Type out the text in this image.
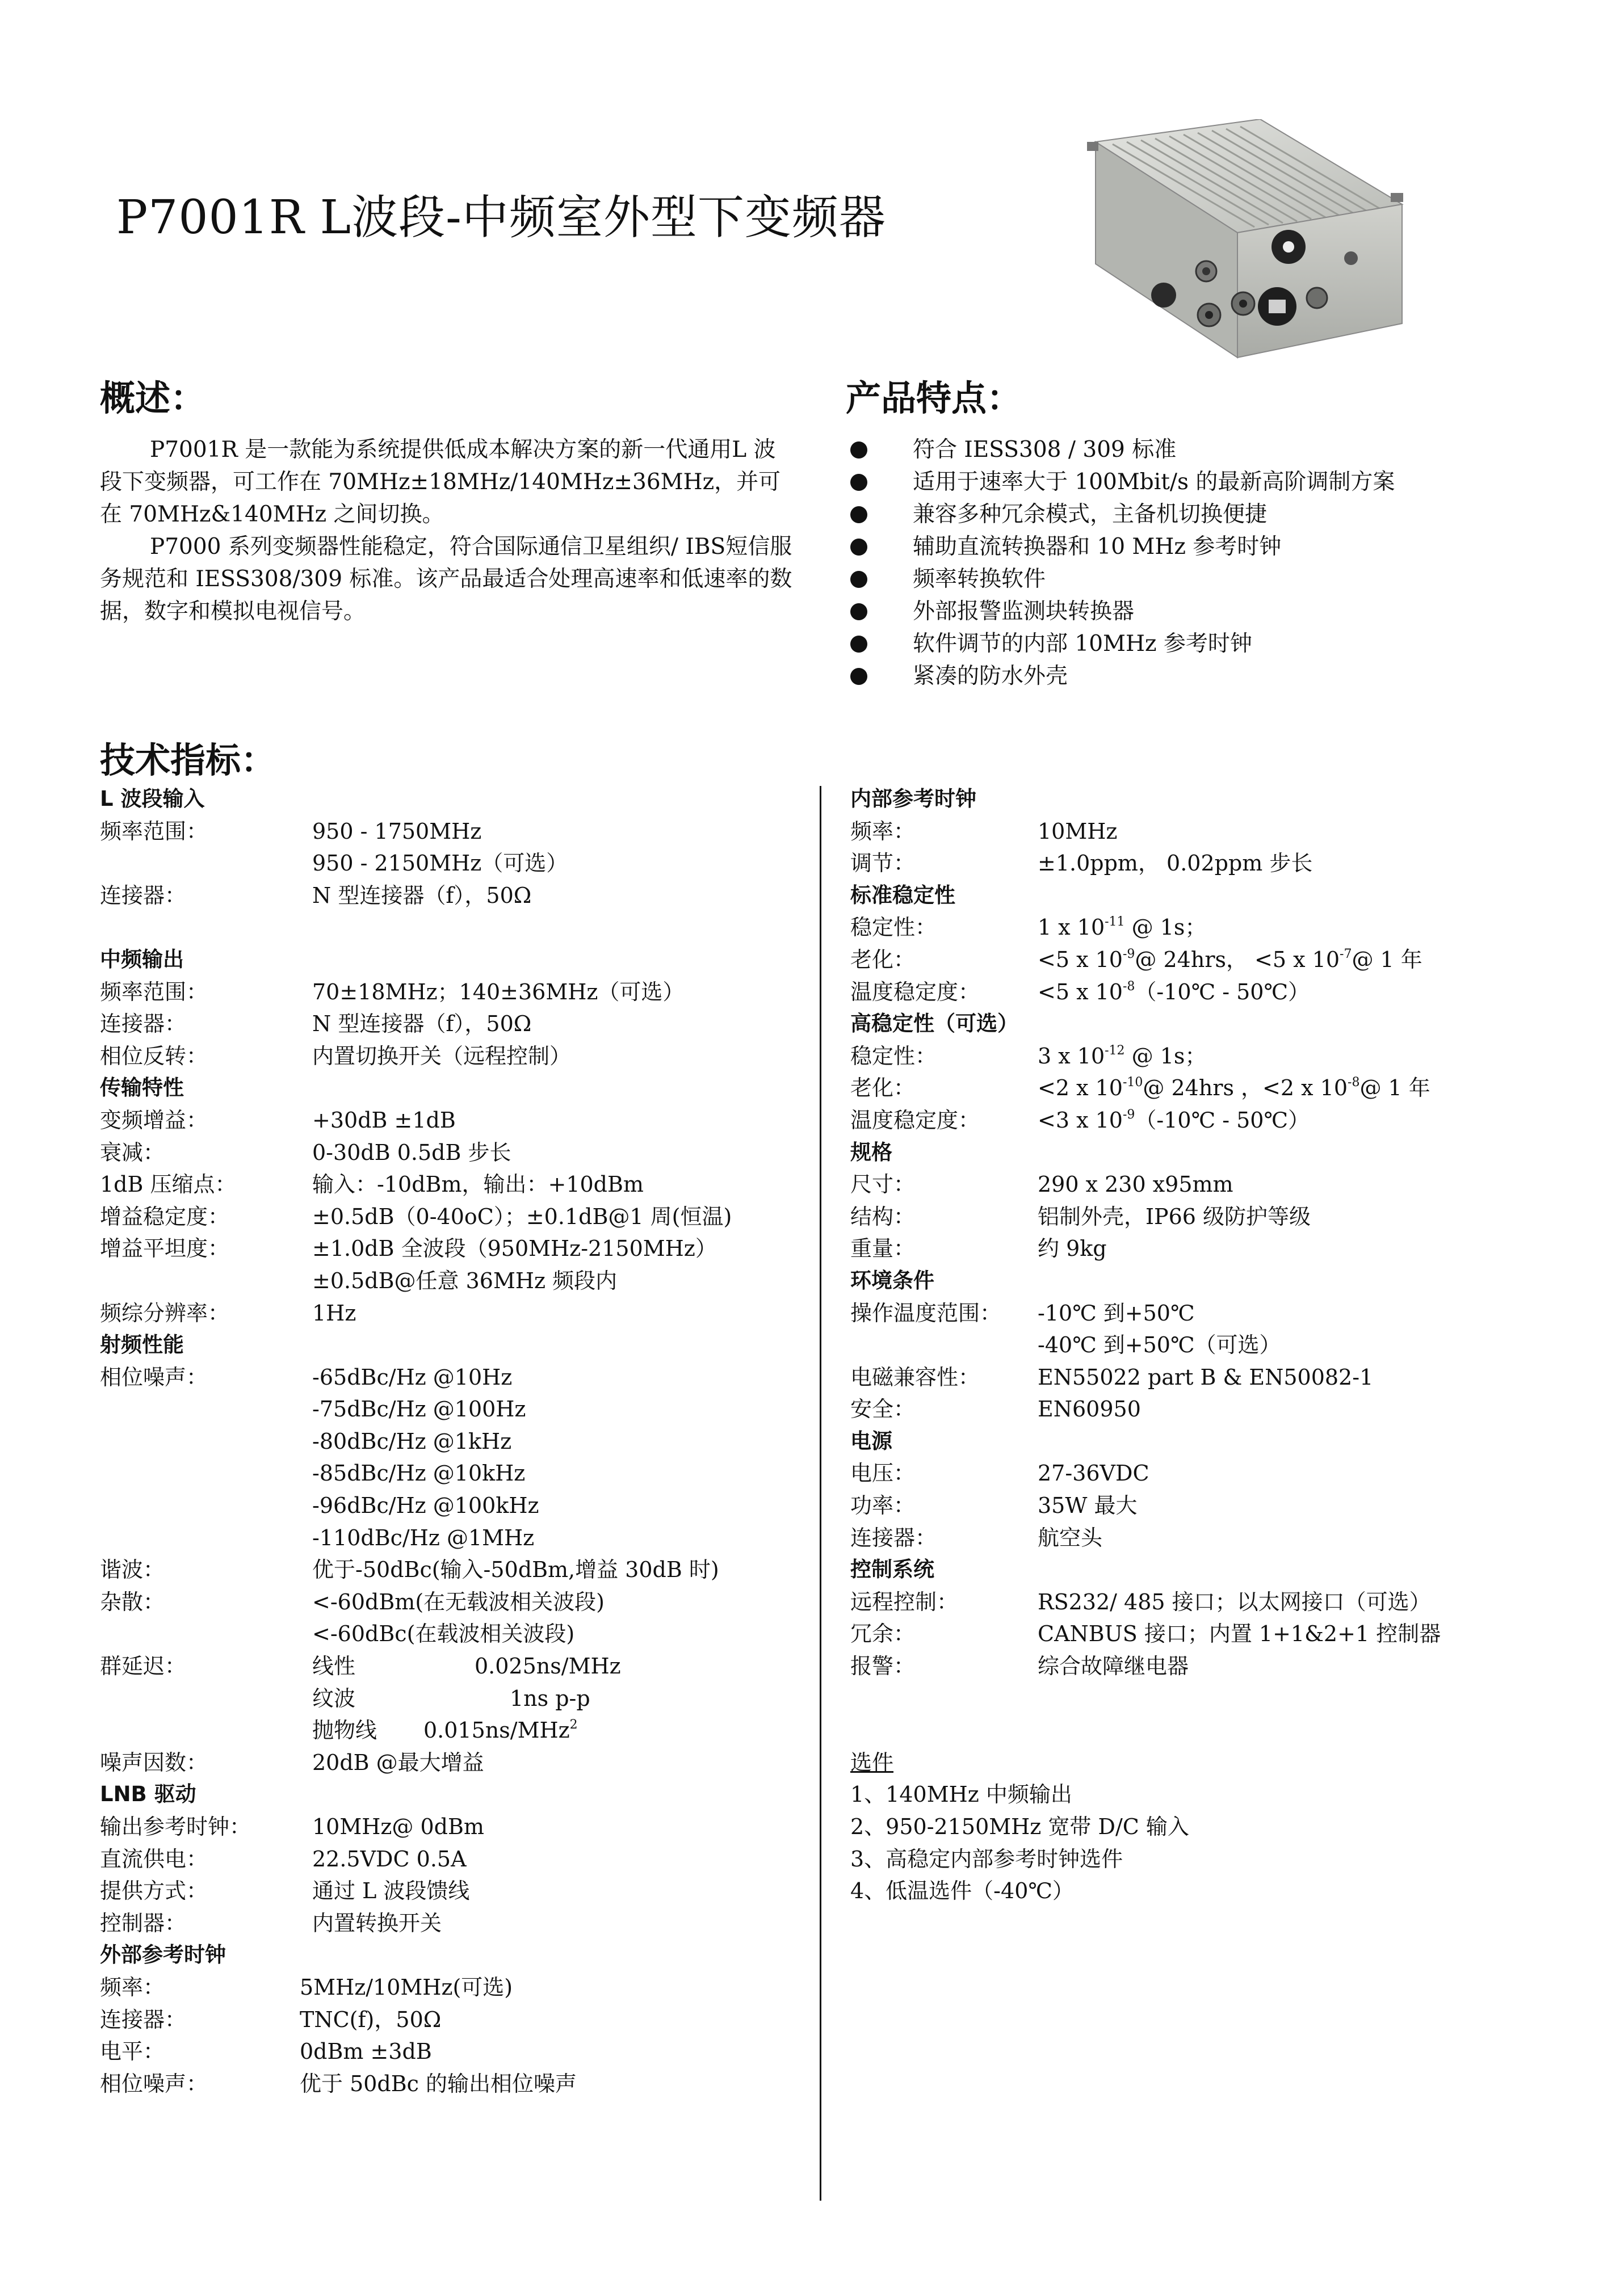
P7001R L波段-中频室外型下变频器
概述：

P7001R 是一款能为系统提供低成本解决方案的新一代通用L 波段下变频器，可工作在 70MHz±18MHz/140MHz±36MHz，并可在 70MHz&140MHz 之间切换。

P7000 系列变频器性能稳定，符合国际通信卫星组织/ IBS短信服务规范和 IESS308/309 标准。该产品最适合处理高速率和低速率的数据，数字和模拟电视信号。

产品特点：
符合 IESS308 / 309 标准
适用于速率大于 100Mbit/s 的最新高阶调制方案
兼容多种冗余模式，主备机切换便捷
辅助直流转换器和 10 MHz 参考时钟
频率转换软件
外部报警监测块转换器
软件调节的内部 10MHz 参考时钟
紧凑的防水外壳
技术指标：
L 波段输入
频率范围：	950 - 1750MHz
950 - 2150MHz（可选）
连接器：	N 型连接器（f），50Ω
中频输出
频率范围：	70±18MHz；140±36MHz（可选）
连接器：	N 型连接器（f），50Ω
相位反转：	内置切换开关（远程控制）
传输特性
变频增益：	+30dB ±1dB
衰减：	0-30dB 0.5dB 步长
1dB 压缩点：	输入：-10dBm，输出：+10dBm
增益稳定度：	±0.5dB（0-40oC）；±0.1dB@1 周(恒温)
增益平坦度：	±1.0dB 全波段（950MHz-2150MHz）
±0.5dB@任意 36MHz 频段内
频综分辨率：	1Hz
射频性能
相位噪声：	-65dBc/Hz @10Hz
-75dBc/Hz @100Hz
-80dBc/Hz @1kHz
-85dBc/Hz @10kHz
-96dBc/Hz @100kHz
-110dBc/Hz @1MHz
谐波：	优于-50dBc(输入-50dBm,增益 30dB 时)
杂散：	<-60dBm(在无载波相关波段)
<-60dBc(在载波相关波段)
群延迟：	线性	0.025ns/MHz
纹波	1ns p-p
抛物线 0.015ns/MHz$^2$
噪声因数：	20dB @最大增益
LNB 驱动
输出参考时钟：	10MHz@ 0dBm
直流供电：	22.5VDC 0.5A
提供方式：	通过 L 波段馈线
控制器：	内置转换开关
外部参考时钟
频率：	5MHz/10MHz(可选)
连接器：	TNC(f)，50Ω
电平：	0dBm ±3dB
相位噪声：	优于 50dBc 的输出相位噪声
内部参考时钟
频率：	10MHz
调节：	±1.0ppm， 0.02ppm 步长
标准稳定性
稳定性：	1 x $10^{-11}$ @ 1s；
老化：	<5 x $10^{-9}@$ 24hrs， <5 x $10^{-7}@$ 1 年
温度稳定度：	<5 x $10^{-8}(-10℃$ - 50℃）
高稳定性（可选）
稳定性：	3 x $10^{-12}$ @ 1s；
老化：	<2 x $10^{-10}@$ 24hrs ，<2 x $10^{-8}@$ 1 年
温度稳定度：	<3 x $10^{-9}(-10℃$ - 50℃）
规格
尺寸：	290 x 230 x95mm
结构：	铝制外壳，IP66 级防护等级
重量：	约 9kg
环境条件
操作温度范围： -10℃ 到+50℃
-40℃ 到+50℃（可选）
电磁兼容性：	EN55022 part B & EN50082-1
安全：	EN60950
电源
电压：	27-36VDC
功率：	35W 最大
连接器：	航空头
控制系统
远程控制：	RS232/ 485 接口；以太网接口（可选）
冗余：	CANBUS 接口；内置 1+1&2+1 控制器
报警：	综合故障继电器
选件
1、140MHz 中频输出
2、950-2150MHz 宽带 D/C 输入
3、高稳定内部参考时钟选件
4、低温选件（-40℃）
